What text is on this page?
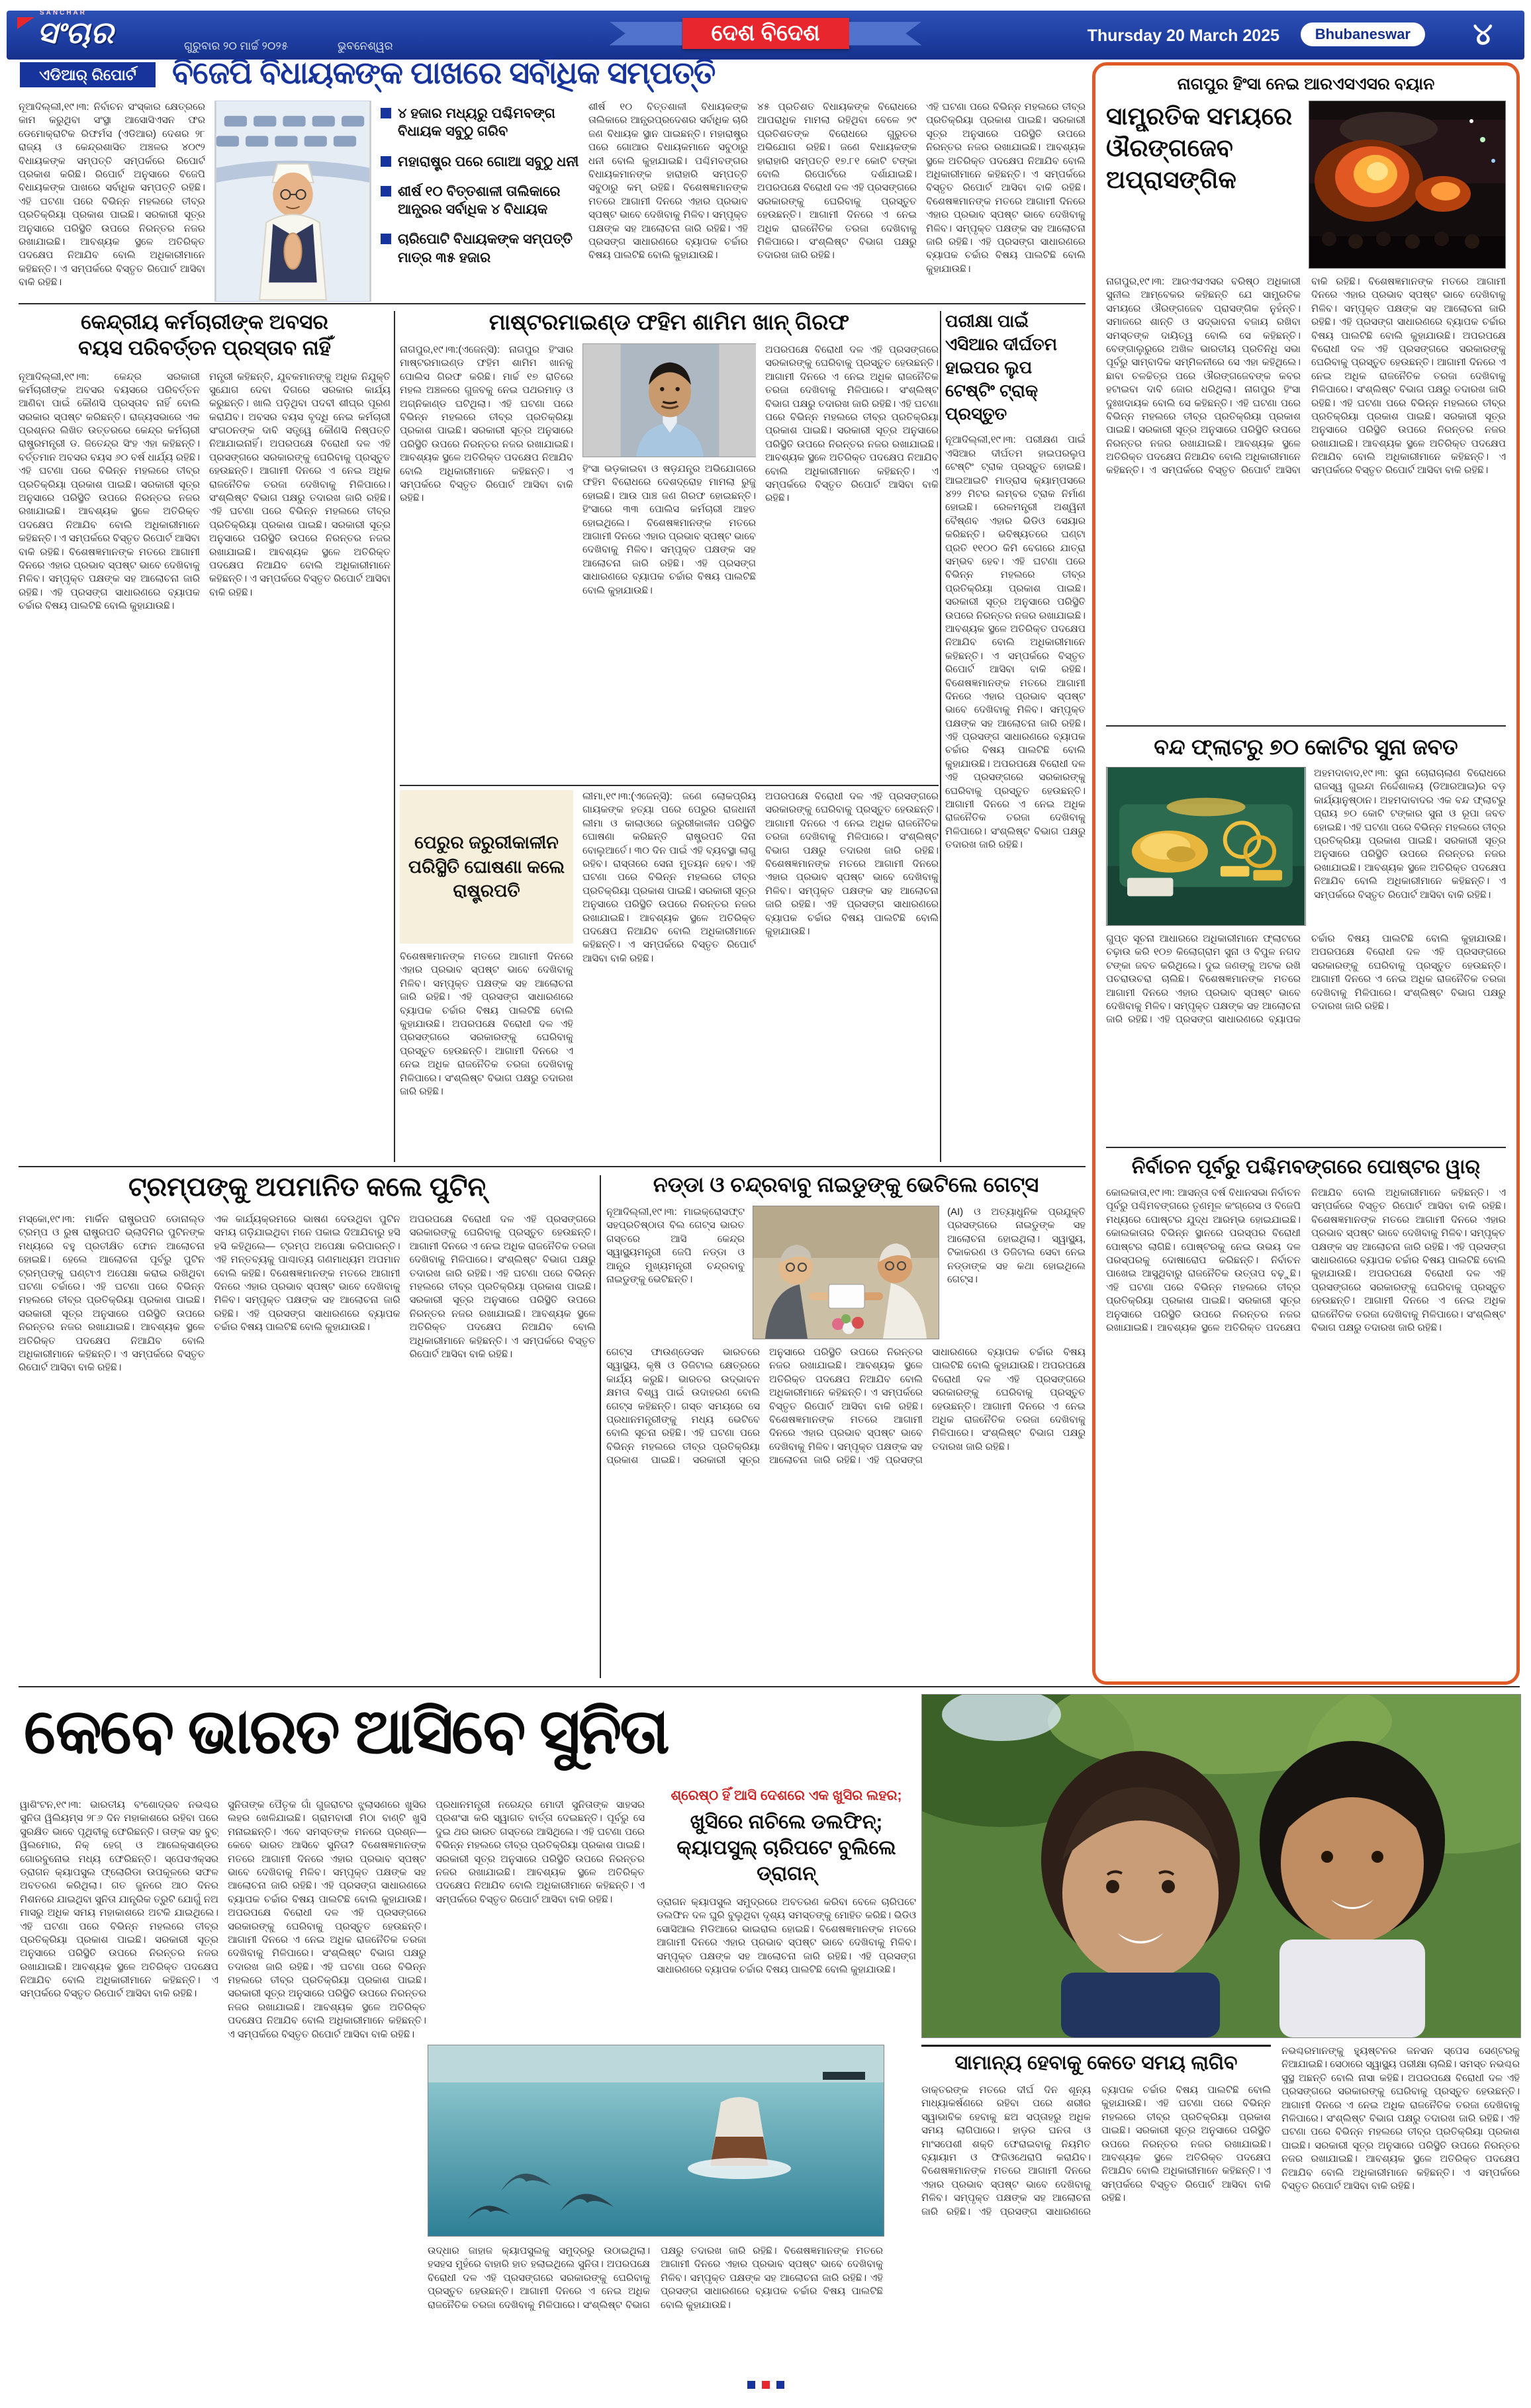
SANCHAR
ସଂଚାର	ଗୁରୁବାର ୨୦ ମାର୍ଚ୍ଚ ୨୦୨୫	ଭୁବନେଶ୍ୱର
ଦେଶ ବିଦେଶ	Thursday 20 March 2025	Bhubaneswar	୪
ଏଡିଆର୍ ରିପୋର୍ଟ	ବିଜେପି ବିଧାୟକଙ୍କ ପାଖରେ ସର୍ବାଧିକ ସମ୍ପତ୍ତି
ନୂଆଦିଲ୍ଲୀ,୧୯।୩: ନିର୍ବାଚନ ସଂସ୍କାର କ୍ଷେତ୍ରରେ କାମ କରୁଥିବା ସଂସ୍ଥା ଆସୋସିଏସନ ଫର ଡେମୋକ୍ରାଟିକ ରିଫର୍ମସ (ଏଡିଆର) ଦେଶର ୨୮ ରାଜ୍ୟ ଓ କେନ୍ଦ୍ରଶାସିତ ଅଞ୍ଚଳର ୪୦୯୨ ବିଧାୟକଙ୍କ ସମ୍ପତ୍ତି ସମ୍ପର୍କରେ ରିପୋର୍ଟ ପ୍ରକାଶ କରିଛି। ରିପୋର୍ଟ ଅନୁସାରେ ବିଜେପି ବିଧାୟକଙ୍କ ପାଖରେ ସର୍ବାଧିକ ସମ୍ପତ୍ତି ରହିଛି। ଏହି ଘଟଣା ପରେ ବିଭିନ୍ନ ମହଲରେ ତୀବ୍ର ପ୍ରତିକ୍ରିୟା ପ୍ରକାଶ ପାଇଛି। ସରକାରୀ ସୂତ୍ର ଅନୁସାରେ ପରିସ୍ଥିତି ଉପରେ ନିରନ୍ତର ନଜର ରଖାଯାଇଛି। ଆବଶ୍ୟକ ସ୍ଥଳେ ଅତିରିକ୍ତ ପଦକ୍ଷେପ ନିଆଯିବ ବୋଲି ଅଧିକାରୀମାନେ କହିଛନ୍ତି। ଏ ସମ୍ପର୍କରେ ବିସ୍ତୃତ ରିପୋର୍ଟ ଆସିବା ବାକି ରହିଛି।
୪ ହଜାର ମଧ୍ୟରୁ ପଶ୍ଚିମବଙ୍ଗ ବିଧାୟକ ସବୁଠୁ ଗରିବ
ମହାରାଷ୍ଟ୍ର ପରେ ଗୋଆ ସବୁଠୁ ଧନୀ
ଶୀର୍ଷ ୧୦ ବିତ୍ତଶାଳୀ ତାଲିକାରେ ଆନ୍ଧ୍ରର ସର୍ବାଧିକ ୪ ବିଧାୟକ
ଚାରିପୋଟି ବିଧାୟକଙ୍କ ସମ୍ପତ୍ତି ମାତ୍ର ୩୫ ହଜାର
ଶୀର୍ଷ ୧୦ ବିତ୍ତଶାଳୀ ବିଧାୟକଙ୍କ ତାଲିକାରେ ଆନ୍ଧ୍ରପ୍ରଦେଶର ସର୍ବାଧିକ ଚାରି ଜଣ ବିଧାୟକ ସ୍ଥାନ ପାଇଛନ୍ତି। ମହାରାଷ୍ଟ୍ର ପରେ ଗୋଆର ବିଧାୟକମାନେ ସବୁଠାରୁ ଧନୀ ବୋଲି କୁହାଯାଇଛି। ପଶ୍ଚିମବଙ୍ଗର ବିଧାୟକମାନଙ୍କ ହାରାହାରି ସମ୍ପତ୍ତି ସବୁଠାରୁ କମ୍ ରହିଛି। ବିଶେଷଜ୍ଞମାନଙ୍କ ମତରେ ଆଗାମୀ ଦିନରେ ଏହାର ପ୍ରଭାବ ସ୍ପଷ୍ଟ ଭାବେ ଦେଖିବାକୁ ମିଳିବ। ସମ୍ପୃକ୍ତ ପକ୍ଷଙ୍କ ସହ ଆଲୋଚନା ଜାରି ରହିଛି। ଏହି ପ୍ରସଙ୍ଗ ସାଧାରଣରେ ବ୍ୟାପକ ଚର୍ଚ୍ଚାର ବିଷୟ ପାଲଟିଛି ବୋଲି କୁହାଯାଉଛି।
୪୫ ପ୍ରତିଶତ ବିଧାୟକଙ୍କ ବିରୋଧରେ ଆପରାଧିକ ମାମଲା ରହିଥିବା ବେଳେ ୨୯ ପ୍ରତିଶତଙ୍କ ବିରୋଧରେ ଗୁରୁତର ଅଭିଯୋଗ ରହିଛି। ଜଣେ ବିଧାୟକଙ୍କ ହାରାହାରି ସମ୍ପତ୍ତି ୧୭.୮୧ କୋଟି ଟଙ୍କା ବୋଲି ରିପୋର୍ଟରେ ଦର୍ଶାଯାଇଛି। ଅପରପକ୍ଷେ ବିରୋଧୀ ଦଳ ଏହି ପ୍ରସଙ୍ଗରେ ସରକାରଙ୍କୁ ଘେରିବାକୁ ପ୍ରସ୍ତୁତ ହେଉଛନ୍ତି। ଆଗାମୀ ଦିନରେ ଏ ନେଇ ଅଧିକ ରାଜନୈତିକ ତରଜା ଦେଖିବାକୁ ମିଳିପାରେ। ସଂଶ୍ଲିଷ୍ଟ ବିଭାଗ ପକ୍ଷରୁ ତଦାରଖ ଜାରି ରହିଛି।
ଏହି ଘଟଣା ପରେ ବିଭିନ୍ନ ମହଲରେ ତୀବ୍ର ପ୍ରତିକ୍ରିୟା ପ୍ରକାଶ ପାଇଛି। ସରକାରୀ ସୂତ୍ର ଅନୁସାରେ ପରିସ୍ଥିତି ଉପରେ ନିରନ୍ତର ନଜର ରଖାଯାଇଛି। ଆବଶ୍ୟକ ସ୍ଥଳେ ଅତିରିକ୍ତ ପଦକ୍ଷେପ ନିଆଯିବ ବୋଲି ଅଧିକାରୀମାନେ କହିଛନ୍ତି। ଏ ସମ୍ପର୍କରେ ବିସ୍ତୃତ ରିପୋର୍ଟ ଆସିବା ବାକି ରହିଛି। ବିଶେଷଜ୍ଞମାନଙ୍କ ମତରେ ଆଗାମୀ ଦିନରେ ଏହାର ପ୍ରଭାବ ସ୍ପଷ୍ଟ ଭାବେ ଦେଖିବାକୁ ମିଳିବ। ସମ୍ପୃକ୍ତ ପକ୍ଷଙ୍କ ସହ ଆଲୋଚନା ଜାରି ରହିଛି। ଏହି ପ୍ରସଙ୍ଗ ସାଧାରଣରେ ବ୍ୟାପକ ଚର୍ଚ୍ଚାର ବିଷୟ ପାଲଟିଛି ବୋଲି କୁହାଯାଉଛି।
କେନ୍ଦ୍ରୀୟ କର୍ମଚାରୀଙ୍କ ଅବସର
ବୟସ ପରିବର୍ତ୍ତନ ପ୍ରସ୍ତାବ ନାହିଁ
ନୂଆଦିଲ୍ଲୀ,୧୯।୩: କେନ୍ଦ୍ର ସରକାରୀ କର୍ମଚାରୀଙ୍କ ଅବସର ବୟସରେ ପରିବର୍ତ୍ତନ ଆଣିବା ପାଇଁ କୌଣସି ପ୍ରସ୍ତାବ ନାହିଁ ବୋଲି ସରକାର ସ୍ପଷ୍ଟ କରିଛନ୍ତି। ରାଜ୍ୟସଭାରେ ଏକ ପ୍ରଶ୍ନର ଲିଖିତ ଉତ୍ତରରେ କେନ୍ଦ୍ର କର୍ମଚାରୀ ରାଷ୍ଟ୍ରମନ୍ତ୍ରୀ ଡ. ଜିତେନ୍ଦ୍ର ସିଂହ ଏହା କହିଛନ୍ତି। ବର୍ତ୍ତମାନ ଅବସର ବୟସ ୬୦ ବର୍ଷ ଧାର୍ଯ୍ୟ ରହିଛି। ଏହି ଘଟଣା ପରେ ବିଭିନ୍ନ ମହଲରେ ତୀବ୍ର ପ୍ରତିକ୍ରିୟା ପ୍ରକାଶ ପାଇଛି। ସରକାରୀ ସୂତ୍ର ଅନୁସାରେ ପରିସ୍ଥିତି ଉପରେ ନିରନ୍ତର ନଜର ରଖାଯାଇଛି। ଆବଶ୍ୟକ ସ୍ଥଳେ ଅତିରିକ୍ତ ପଦକ୍ଷେପ ନିଆଯିବ ବୋଲି ଅଧିକାରୀମାନେ କହିଛନ୍ତି। ଏ ସମ୍ପର୍କରେ ବିସ୍ତୃତ ରିପୋର୍ଟ ଆସିବା ବାକି ରହିଛି। ବିଶେଷଜ୍ଞମାନଙ୍କ ମତରେ ଆଗାମୀ ଦିନରେ ଏହାର ପ୍ରଭାବ ସ୍ପଷ୍ଟ ଭାବେ ଦେଖିବାକୁ ମିଳିବ। ସମ୍ପୃକ୍ତ ପକ୍ଷଙ୍କ ସହ ଆଲୋଚନା ଜାରି ରହିଛି। ଏହି ପ୍ରସଙ୍ଗ ସାଧାରଣରେ ବ୍ୟାପକ ଚର୍ଚ୍ଚାର ବିଷୟ ପାଲଟିଛି ବୋଲି କୁହାଯାଉଛି।
ମନ୍ତ୍ରୀ କହିଛନ୍ତି, ଯୁବକମାନଙ୍କୁ ଅଧିକ ନିଯୁକ୍ତି ସୁଯୋଗ ଦେବା ଦିଗରେ ସରକାର କାର୍ଯ୍ୟ କରୁଛନ୍ତି। ଖାଲି ପଡ଼ିଥିବା ପଦବୀ ଶୀଘ୍ର ପୂରଣ କରାଯିବ। ଅବସର ବୟସ ବୃଦ୍ଧି ନେଇ କର୍ମଚାରୀ ସଂଗଠନଙ୍କ ଦାବି ସତ୍ତ୍ୱେ କୌଣସି ନିଷ୍ପତ୍ତି ନିଆଯାଇନାହିଁ। ଅପରପକ୍ଷେ ବିରୋଧୀ ଦଳ ଏହି ପ୍ରସଙ୍ଗରେ ସରକାରଙ୍କୁ ଘେରିବାକୁ ପ୍ରସ୍ତୁତ ହେଉଛନ୍ତି। ଆଗାମୀ ଦିନରେ ଏ ନେଇ ଅଧିକ ରାଜନୈତିକ ତରଜା ଦେଖିବାକୁ ମିଳିପାରେ। ସଂଶ୍ଲିଷ୍ଟ ବିଭାଗ ପକ୍ଷରୁ ତଦାରଖ ଜାରି ରହିଛି। ଏହି ଘଟଣା ପରେ ବିଭିନ୍ନ ମହଲରେ ତୀବ୍ର ପ୍ରତିକ୍ରିୟା ପ୍ରକାଶ ପାଇଛି। ସରକାରୀ ସୂତ୍ର ଅନୁସାରେ ପରିସ୍ଥିତି ଉପରେ ନିରନ୍ତର ନଜର ରଖାଯାଇଛି। ଆବଶ୍ୟକ ସ୍ଥଳେ ଅତିରିକ୍ତ ପଦକ୍ଷେପ ନିଆଯିବ ବୋଲି ଅଧିକାରୀମାନେ କହିଛନ୍ତି। ଏ ସମ୍ପର୍କରେ ବିସ୍ତୃତ ରିପୋର୍ଟ ଆସିବା ବାକି ରହିଛି।
ମାଷ୍ଟରମାଇଣ୍ଡ ଫହିମ ଶାମିମ ଖାନ୍ ଗିରଫ
ନାଗପୁର,୧୯।୩:(ଏଜେନ୍ସି): ନାଗପୁର ହିଂସାର ମାଷ୍ଟରମାଇଣ୍ଡ ଫହିମ ଶାମିମ ଖାନକୁ ପୋଲିସ ଗିରଫ କରିଛି। ମାର୍ଚ୍ଚ ୧୭ ରାତିରେ ମହଲ ଅଞ୍ଚଳରେ ଗୁଜବକୁ ନେଇ ପଥରମାଡ଼ ଓ ଅଗ୍ନିକାଣ୍ଡ ଘଟିଥିଲା। ଏହି ଘଟଣା ପରେ ବିଭିନ୍ନ ମହଲରେ ତୀବ୍ର ପ୍ରତିକ୍ରିୟା ପ୍ରକାଶ ପାଇଛି। ସରକାରୀ ସୂତ୍ର ଅନୁସାରେ ପରିସ୍ଥିତି ଉପରେ ନିରନ୍ତର ନଜର ରଖାଯାଇଛି। ଆବଶ୍ୟକ ସ୍ଥଳେ ଅତିରିକ୍ତ ପଦକ୍ଷେପ ନିଆଯିବ ବୋଲି ଅଧିକାରୀମାନେ କହିଛନ୍ତି। ଏ ସମ୍ପର୍କରେ ବିସ୍ତୃତ ରିପୋର୍ଟ ଆସିବା ବାକି ରହିଛି।
ହିଂସା ଭଡ଼କାଇବା ଓ ଷଡ଼ଯନ୍ତ୍ର ଅଭିଯୋଗରେ ଫହିମ ବିରୋଧରେ ଦେଶଦ୍ରୋହ ମାମଲା ରୁଜୁ ହୋଇଛି। ଆଉ ପାଞ୍ଚ ଜଣ ଗିରଫ ହୋଇଛନ୍ତି। ହିଂସାରେ ୩୩ ପୋଲିସ କର୍ମଚାରୀ ଆହତ ହୋଇଥିଲେ। ବିଶେଷଜ୍ଞମାନଙ୍କ ମତରେ ଆଗାମୀ ଦିନରେ ଏହାର ପ୍ରଭାବ ସ୍ପଷ୍ଟ ଭାବେ ଦେଖିବାକୁ ମିଳିବ। ସମ୍ପୃକ୍ତ ପକ୍ଷଙ୍କ ସହ ଆଲୋଚନା ଜାରି ରହିଛି। ଏହି ପ୍ରସଙ୍ଗ ସାଧାରଣରେ ବ୍ୟାପକ ଚର୍ଚ୍ଚାର ବିଷୟ ପାଲଟିଛି ବୋଲି କୁହାଯାଉଛି।
ଅପରପକ୍ଷେ ବିରୋଧୀ ଦଳ ଏହି ପ୍ରସଙ୍ଗରେ ସରକାରଙ୍କୁ ଘେରିବାକୁ ପ୍ରସ୍ତୁତ ହେଉଛନ୍ତି। ଆଗାମୀ ଦିନରେ ଏ ନେଇ ଅଧିକ ରାଜନୈତିକ ତରଜା ଦେଖିବାକୁ ମିଳିପାରେ। ସଂଶ୍ଲିଷ୍ଟ ବିଭାଗ ପକ୍ଷରୁ ତଦାରଖ ଜାରି ରହିଛି। ଏହି ଘଟଣା ପରେ ବିଭିନ୍ନ ମହଲରେ ତୀବ୍ର ପ୍ରତିକ୍ରିୟା ପ୍ରକାଶ ପାଇଛି। ସରକାରୀ ସୂତ୍ର ଅନୁସାରେ ପରିସ୍ଥିତି ଉପରେ ନିରନ୍ତର ନଜର ରଖାଯାଇଛି। ଆବଶ୍ୟକ ସ୍ଥଳେ ଅତିରିକ୍ତ ପଦକ୍ଷେପ ନିଆଯିବ ବୋଲି ଅଧିକାରୀମାନେ କହିଛନ୍ତି। ଏ ସମ୍ପର୍କରେ ବିସ୍ତୃତ ରିପୋର୍ଟ ଆସିବା ବାକି ରହିଛି।
ପେରୁର ଜରୁରୀକାଳୀନ ପରିସ୍ଥିତି ଘୋଷଣା କଲେ ରାଷ୍ଟ୍ରପତି
ବିଶେଷଜ୍ଞମାନଙ୍କ ମତରେ ଆଗାମୀ ଦିନରେ ଏହାର ପ୍ରଭାବ ସ୍ପଷ୍ଟ ଭାବେ ଦେଖିବାକୁ ମିଳିବ। ସମ୍ପୃକ୍ତ ପକ୍ଷଙ୍କ ସହ ଆଲୋଚନା ଜାରି ରହିଛି। ଏହି ପ୍ରସଙ୍ଗ ସାଧାରଣରେ ବ୍ୟାପକ ଚର୍ଚ୍ଚାର ବିଷୟ ପାଲଟିଛି ବୋଲି କୁହାଯାଉଛି। ଅପରପକ୍ଷେ ବିରୋଧୀ ଦଳ ଏହି ପ୍ରସଙ୍ଗରେ ସରକାରଙ୍କୁ ଘେରିବାକୁ ପ୍ରସ୍ତୁତ ହେଉଛନ୍ତି। ଆଗାମୀ ଦିନରେ ଏ ନେଇ ଅଧିକ ରାଜନୈତିକ ତରଜା ଦେଖିବାକୁ ମିଳିପାରେ। ସଂଶ୍ଲିଷ୍ଟ ବିଭାଗ ପକ୍ଷରୁ ତଦାରଖ ଜାରି ରହିଛି।
ଲୀମା,୧୯।୩:(ଏଜେନ୍ସି): ଜଣେ ଲୋକପ୍ରିୟ ଗାୟକଙ୍କ ହତ୍ୟା ପରେ ପେରୁର ରାଜଧାନୀ ଲୀମା ଓ କାଲାଓରେ ଜରୁରୀକାଳୀନ ପରିସ୍ଥିତି ଘୋଷଣା କରିଛନ୍ତି ରାଷ୍ଟ୍ରପତି ଦିନା ବୋଲୁଆର୍ତେ। ୩୦ ଦିନ ପାଇଁ ଏହି ବ୍ୟବସ୍ଥା ଲାଗୁ ରହିବ। ରାସ୍ତାରେ ସେନା ମୁତୟନ ହେବ। ଏହି ଘଟଣା ପରେ ବିଭିନ୍ନ ମହଲରେ ତୀବ୍ର ପ୍ରତିକ୍ରିୟା ପ୍ରକାଶ ପାଇଛି। ସରକାରୀ ସୂତ୍ର ଅନୁସାରେ ପରିସ୍ଥିତି ଉପରେ ନିରନ୍ତର ନଜର ରଖାଯାଇଛି। ଆବଶ୍ୟକ ସ୍ଥଳେ ଅତିରିକ୍ତ ପଦକ୍ଷେପ ନିଆଯିବ ବୋଲି ଅଧିକାରୀମାନେ କହିଛନ୍ତି। ଏ ସମ୍ପର୍କରେ ବିସ୍ତୃତ ରିପୋର୍ଟ ଆସିବା ବାକି ରହିଛି।
ଅପରପକ୍ଷେ ବିରୋଧୀ ଦଳ ଏହି ପ୍ରସଙ୍ଗରେ ସରକାରଙ୍କୁ ଘେରିବାକୁ ପ୍ରସ୍ତୁତ ହେଉଛନ୍ତି। ଆଗାମୀ ଦିନରେ ଏ ନେଇ ଅଧିକ ରାଜନୈତିକ ତରଜା ଦେଖିବାକୁ ମିଳିପାରେ। ସଂଶ୍ଲିଷ୍ଟ ବିଭାଗ ପକ୍ଷରୁ ତଦାରଖ ଜାରି ରହିଛି। ବିଶେଷଜ୍ଞମାନଙ୍କ ମତରେ ଆଗାମୀ ଦିନରେ ଏହାର ପ୍ରଭାବ ସ୍ପଷ୍ଟ ଭାବେ ଦେଖିବାକୁ ମିଳିବ। ସମ୍ପୃକ୍ତ ପକ୍ଷଙ୍କ ସହ ଆଲୋଚନା ଜାରି ରହିଛି। ଏହି ପ୍ରସଙ୍ଗ ସାଧାରଣରେ ବ୍ୟାପକ ଚର୍ଚ୍ଚାର ବିଷୟ ପାଲଟିଛି ବୋଲି କୁହାଯାଉଛି।
ପରୀକ୍ଷା ପାଇଁ ଏସିଆର ଦୀର୍ଘତମ ହାଇପର ଲୁପ ଟେଷ୍ଟିଂ ଟ୍ରାକ୍ ପ୍ରସ୍ତୁତ
ନୂଆଦିଲ୍ଲୀ,୧୯।୩: ପରୀକ୍ଷଣ ପାଇଁ ଏସିଆର ଦୀର୍ଘତମ ହାଇପରଲୁପ ଟେଷ୍ଟିଂ ଟ୍ରାକ ପ୍ରସ୍ତୁତ ହୋଇଛି। ଆଇଆଇଟି ମାଡ୍ରାସ କ୍ୟାମ୍ପସରେ ୪୨୨ ମିଟର ଲମ୍ବର ଟ୍ରାକ ନିର୍ମାଣ ହୋଇଛି। ରେଳମନ୍ତ୍ରୀ ଅଶ୍ୱିନୀ ବୈଷ୍ଣବ ଏହାର ଭିଡିଓ ସେୟାର କରିଛନ୍ତି। ଭବିଷ୍ୟତରେ ଘଣ୍ଟା ପ୍ରତି ୧୧୦୦ କିମି ବେଗରେ ଯାତ୍ରା ସମ୍ଭବ ହେବ। ଏହି ଘଟଣା ପରେ ବିଭିନ୍ନ ମହଲରେ ତୀବ୍ର ପ୍ରତିକ୍ରିୟା ପ୍ରକାଶ ପାଇଛି। ସରକାରୀ ସୂତ୍ର ଅନୁସାରେ ପରିସ୍ଥିତି ଉପରେ ନିରନ୍ତର ନଜର ରଖାଯାଇଛି। ଆବଶ୍ୟକ ସ୍ଥଳେ ଅତିରିକ୍ତ ପଦକ୍ଷେପ ନିଆଯିବ ବୋଲି ଅଧିକାରୀମାନେ କହିଛନ୍ତି। ଏ ସମ୍ପର୍କରେ ବିସ୍ତୃତ ରିପୋର୍ଟ ଆସିବା ବାକି ରହିଛି। ବିଶେଷଜ୍ଞମାନଙ୍କ ମତରେ ଆଗାମୀ ଦିନରେ ଏହାର ପ୍ରଭାବ ସ୍ପଷ୍ଟ ଭାବେ ଦେଖିବାକୁ ମିଳିବ। ସମ୍ପୃକ୍ତ ପକ୍ଷଙ୍କ ସହ ଆଲୋଚନା ଜାରି ରହିଛି। ଏହି ପ୍ରସଙ୍ଗ ସାଧାରଣରେ ବ୍ୟାପକ ଚର୍ଚ୍ଚାର ବିଷୟ ପାଲଟିଛି ବୋଲି କୁହାଯାଉଛି। ଅପରପକ୍ଷେ ବିରୋଧୀ ଦଳ ଏହି ପ୍ରସଙ୍ଗରେ ସରକାରଙ୍କୁ ଘେରିବାକୁ ପ୍ରସ୍ତୁତ ହେଉଛନ୍ତି। ଆଗାମୀ ଦିନରେ ଏ ନେଇ ଅଧିକ ରାଜନୈତିକ ତରଜା ଦେଖିବାକୁ ମିଳିପାରେ। ସଂଶ୍ଲିଷ୍ଟ ବିଭାଗ ପକ୍ଷରୁ ତଦାରଖ ଜାରି ରହିଛି।
ନାଗପୁର ହିଂସା ନେଇ ଆରଏସଏସର ବୟାନ
ସାମ୍ପ୍ରତିକ ସମୟରେ ଔରଙ୍ଗଜେବ ଅପ୍ରାସଙ୍ଗିକ
ନାଗପୁର,୧୯।୩: ଆରଏସଏସର ବରିଷ୍ଠ ଅଧିକାରୀ ସୁନୀଲ ଆମ୍ବେକର କହିଛନ୍ତି ଯେ ସାମ୍ପ୍ରତିକ ସମୟରେ ଔରଙ୍ଗଜେବ ପ୍ରାସଙ୍ଗିକ ନୁହଁନ୍ତି। ସମାଜରେ ଶାନ୍ତି ଓ ସଦ୍ଭାବନା ବଜାୟ ରଖିବା ସମସ୍ତଙ୍କ ଦାୟିତ୍ୱ ବୋଲି ସେ କହିଛନ୍ତି। ବେଙ୍ଗାଲୁରୁରେ ଅଖିଳ ଭାରତୀୟ ପ୍ରତିନିଧି ସଭା ପୂର୍ବରୁ ସାମ୍ବାଦିକ ସମ୍ମିଳନୀରେ ସେ ଏହା କହିଥିଲେ। ଛାବା ଚଳଚ୍ଚିତ୍ର ପରେ ଔରଙ୍ଗଜେବଙ୍କ କବର ହଟାଇବା ଦାବି ଜୋର ଧରିଥିଲା। ନାଗପୁର ହିଂସା ଦୁଃଖଦାୟକ ବୋଲି ସେ କହିଛନ୍ତି। ଏହି ଘଟଣା ପରେ ବିଭିନ୍ନ ମହଲରେ ତୀବ୍ର ପ୍ରତିକ୍ରିୟା ପ୍ରକାଶ ପାଇଛି। ସରକାରୀ ସୂତ୍ର ଅନୁସାରେ ପରିସ୍ଥିତି ଉପରେ ନିରନ୍ତର ନଜର ରଖାଯାଇଛି। ଆବଶ୍ୟକ ସ୍ଥଳେ ଅତିରିକ୍ତ ପଦକ୍ଷେପ ନିଆଯିବ ବୋଲି ଅଧିକାରୀମାନେ କହିଛନ୍ତି। ଏ ସମ୍ପର୍କରେ ବିସ୍ତୃତ ରିପୋର୍ଟ ଆସିବା ବାକି ରହିଛି। ବିଶେଷଜ୍ଞମାନଙ୍କ ମତରେ ଆଗାମୀ ଦିନରେ ଏହାର ପ୍ରଭାବ ସ୍ପଷ୍ଟ ଭାବେ ଦେଖିବାକୁ ମିଳିବ। ସମ୍ପୃକ୍ତ ପକ୍ଷଙ୍କ ସହ ଆଲୋଚନା ଜାରି ରହିଛି। ଏହି ପ୍ରସଙ୍ଗ ସାଧାରଣରେ ବ୍ୟାପକ ଚର୍ଚ୍ଚାର ବିଷୟ ପାଲଟିଛି ବୋଲି କୁହାଯାଉଛି। ଅପରପକ୍ଷେ ବିରୋଧୀ ଦଳ ଏହି ପ୍ରସଙ୍ଗରେ ସରକାରଙ୍କୁ ଘେରିବାକୁ ପ୍ରସ୍ତୁତ ହେଉଛନ୍ତି। ଆଗାମୀ ଦିନରେ ଏ ନେଇ ଅଧିକ ରାଜନୈତିକ ତରଜା ଦେଖିବାକୁ ମିଳିପାରେ। ସଂଶ୍ଲିଷ୍ଟ ବିଭାଗ ପକ୍ଷରୁ ତଦାରଖ ଜାରି ରହିଛି। ଏହି ଘଟଣା ପରେ ବିଭିନ୍ନ ମହଲରେ ତୀବ୍ର ପ୍ରତିକ୍ରିୟା ପ୍ରକାଶ ପାଇଛି। ସରକାରୀ ସୂତ୍ର ଅନୁସାରେ ପରିସ୍ଥିତି ଉପରେ ନିରନ୍ତର ନଜର ରଖାଯାଇଛି। ଆବଶ୍ୟକ ସ୍ଥଳେ ଅତିରିକ୍ତ ପଦକ୍ଷେପ ନିଆଯିବ ବୋଲି ଅଧିକାରୀମାନେ କହିଛନ୍ତି। ଏ ସମ୍ପର୍କରେ ବିସ୍ତୃତ ରିପୋର୍ଟ ଆସିବା ବାକି ରହିଛି।
ବନ୍ଦ ଫ୍ଲାଟରୁ ୭୦ କୋଟିର ସୁନା ଜବତ
ଅହମଦାବାଦ,୧୯।୩: ସୁନା ଚୋରାଚାଲାଣ ବିରୋଧରେ ରାଜସ୍ୱ ଗୁଇନ୍ଦା ନିର୍ଦ୍ଦେଶାଳୟ (ଡିଆରଆଇ)ର ବଡ଼ କାର୍ଯ୍ୟାନୁଷ୍ଠାନ। ଅହମଦାବାଦର ଏକ ବନ୍ଦ ଫ୍ଲାଟରୁ ପ୍ରାୟ ୭୦ କୋଟି ଟଙ୍କାର ସୁନା ଓ ରୂପା ଜବତ ହୋଇଛି। ଏହି ଘଟଣା ପରେ ବିଭିନ୍ନ ମହଲରେ ତୀବ୍ର ପ୍ରତିକ୍ରିୟା ପ୍ରକାଶ ପାଇଛି। ସରକାରୀ ସୂତ୍ର ଅନୁସାରେ ପରିସ୍ଥିତି ଉପରେ ନିରନ୍ତର ନଜର ରଖାଯାଇଛି। ଆବଶ୍ୟକ ସ୍ଥଳେ ଅତିରିକ୍ତ ପଦକ୍ଷେପ ନିଆଯିବ ବୋଲି ଅଧିକାରୀମାନେ କହିଛନ୍ତି। ଏ ସମ୍ପର୍କରେ ବିସ୍ତୃତ ରିପୋର୍ଟ ଆସିବା ବାକି ରହିଛି।
ଗୁପ୍ତ ସୂଚନା ଆଧାରରେ ଅଧିକାରୀମାନେ ଫ୍ଲାଟରେ ଚଢ଼ାଉ କରି ୧୦୭ କିଲୋଗ୍ରାମ ସୁନା ଓ ବିପୁଳ ନଗଦ ଟଙ୍କା ଜବତ କରିଥିଲେ। ଦୁଇ ଜଣଙ୍କୁ ଅଟକ ରଖି ପଚରାଉଚରା ଚାଲିଛି। ବିଶେଷଜ୍ଞମାନଙ୍କ ମତରେ ଆଗାମୀ ଦିନରେ ଏହାର ପ୍ରଭାବ ସ୍ପଷ୍ଟ ଭାବେ ଦେଖିବାକୁ ମିଳିବ। ସମ୍ପୃକ୍ତ ପକ୍ଷଙ୍କ ସହ ଆଲୋଚନା ଜାରି ରହିଛି। ଏହି ପ୍ରସଙ୍ଗ ସାଧାରଣରେ ବ୍ୟାପକ ଚର୍ଚ୍ଚାର ବିଷୟ ପାଲଟିଛି ବୋଲି କୁହାଯାଉଛି। ଅପରପକ୍ଷେ ବିରୋଧୀ ଦଳ ଏହି ପ୍ରସଙ୍ଗରେ ସରକାରଙ୍କୁ ଘେରିବାକୁ ପ୍ରସ୍ତୁତ ହେଉଛନ୍ତି। ଆଗାମୀ ଦିନରେ ଏ ନେଇ ଅଧିକ ରାଜନୈତିକ ତରଜା ଦେଖିବାକୁ ମିଳିପାରେ। ସଂଶ୍ଲିଷ୍ଟ ବିଭାଗ ପକ୍ଷରୁ ତଦାରଖ ଜାରି ରହିଛି।
ନିର୍ବାଚନ ପୂର୍ବରୁ ପଶ୍ଚିମବଙ୍ଗରେ ପୋଷ୍ଟର ୱାର୍
କୋଲକାତା,୧୯।୩: ଆସନ୍ତା ବର୍ଷ ବିଧାନସଭା ନିର୍ବାଚନ ପୂର୍ବରୁ ପଶ୍ଚିମବଙ୍ଗରେ ତୃଣମୂଳ କଂଗ୍ରେସ ଓ ବିଜେପି ମଧ୍ୟରେ ପୋଷ୍ଟର ଯୁଦ୍ଧ ଆରମ୍ଭ ହୋଇଯାଇଛି। କୋଲକାତାର ବିଭିନ୍ନ ସ୍ଥାନରେ ପରସ୍ପର ବିରୋଧୀ ପୋଷ୍ଟର ଲାଗିଛି। ପୋଷ୍ଟରକୁ ନେଇ ଉଭୟ ଦଳ ପରସ୍ପରକୁ ଦୋଷାରୋପ କରିଛନ୍ତି। ନିର୍ବାଚନ ପାଖେଇ ଆସୁଥିବାରୁ ରାଜନୈତିକ ଉତ୍ତାପ ବଢ଼ୁଛି। ଏହି ଘଟଣା ପରେ ବିଭିନ୍ନ ମହଲରେ ତୀବ୍ର ପ୍ରତିକ୍ରିୟା ପ୍ରକାଶ ପାଇଛି। ସରକାରୀ ସୂତ୍ର ଅନୁସାରେ ପରିସ୍ଥିତି ଉପରେ ନିରନ୍ତର ନଜର ରଖାଯାଇଛି। ଆବଶ୍ୟକ ସ୍ଥଳେ ଅତିରିକ୍ତ ପଦକ୍ଷେପ ନିଆଯିବ ବୋଲି ଅଧିକାରୀମାନେ କହିଛନ୍ତି। ଏ ସମ୍ପର୍କରେ ବିସ୍ତୃତ ରିପୋର୍ଟ ଆସିବା ବାକି ରହିଛି। ବିଶେଷଜ୍ଞମାନଙ୍କ ମତରେ ଆଗାମୀ ଦିନରେ ଏହାର ପ୍ରଭାବ ସ୍ପଷ୍ଟ ଭାବେ ଦେଖିବାକୁ ମିଳିବ। ସମ୍ପୃକ୍ତ ପକ୍ଷଙ୍କ ସହ ଆଲୋଚନା ଜାରି ରହିଛି। ଏହି ପ୍ରସଙ୍ଗ ସାଧାରଣରେ ବ୍ୟାପକ ଚର୍ଚ୍ଚାର ବିଷୟ ପାଲଟିଛି ବୋଲି କୁହାଯାଉଛି। ଅପରପକ୍ଷେ ବିରୋଧୀ ଦଳ ଏହି ପ୍ରସଙ୍ଗରେ ସରକାରଙ୍କୁ ଘେରିବାକୁ ପ୍ରସ୍ତୁତ ହେଉଛନ୍ତି। ଆଗାମୀ ଦିନରେ ଏ ନେଇ ଅଧିକ ରାଜନୈତିକ ତରଜା ଦେଖିବାକୁ ମିଳିପାରେ। ସଂଶ୍ଲିଷ୍ଟ ବିଭାଗ ପକ୍ଷରୁ ତଦାରଖ ଜାରି ରହିଛି।
ଟ୍ରମ୍ପଙ୍କୁ ଅପମାନିତ କଲେ ପୁଟିନ୍
ମସ୍କୋ,୧୯।୩: ମାର୍କିନ ରାଷ୍ଟ୍ରପତି ଡୋନାଲ୍ଡ ଟ୍ରମ୍ପ ଓ ରୁଷ ରାଷ୍ଟ୍ରପତି ଭ୍ଲାଦିମିର ପୁଟିନଙ୍କ ମଧ୍ୟରେ ବହୁ ପ୍ରତୀକ୍ଷିତ ଫୋନ ଆଲୋଚନା ହୋଇଛି। ହେଲେ ଆଲୋଚନା ପୂର୍ବରୁ ପୁଟିନ ଟ୍ରମ୍ପଙ୍କୁ ଘଣ୍ଟାଏ ଅପେକ୍ଷା କରାଇ ରଖିଥିବା ଘଟଣା ଚର୍ଚ୍ଚାରେ। ଏହି ଘଟଣା ପରେ ବିଭିନ୍ନ ମହଲରେ ତୀବ୍ର ପ୍ରତିକ୍ରିୟା ପ୍ରକାଶ ପାଇଛି। ସରକାରୀ ସୂତ୍ର ଅନୁସାରେ ପରିସ୍ଥିତି ଉପରେ ନିରନ୍ତର ନଜର ରଖାଯାଇଛି। ଆବଶ୍ୟକ ସ୍ଥଳେ ଅତିରିକ୍ତ ପଦକ୍ଷେପ ନିଆଯିବ ବୋଲି ଅଧିକାରୀମାନେ କହିଛନ୍ତି। ଏ ସମ୍ପର୍କରେ ବିସ୍ତୃତ ରିପୋର୍ଟ ଆସିବା ବାକି ରହିଛି।
ଏକ କାର୍ଯ୍ୟକ୍ରମରେ ଭାଷଣ ଦେଉଥିବା ପୁଟିନ ସମୟ ଗଡ଼ିଯାଇଥିବା ମନେ ପକାଇ ଦିଆଯିବାରୁ ହସି ହସି କହିଥିଲେ— ଟ୍ରମ୍ପ ଅପେକ୍ଷା କରିପାରନ୍ତି। ଏହି ମନ୍ତବ୍ୟକୁ ପାଶ୍ଚାତ୍ୟ ଗଣମାଧ୍ୟମ ଅପମାନ ବୋଲି କହିଛି। ବିଶେଷଜ୍ଞମାନଙ୍କ ମତରେ ଆଗାମୀ ଦିନରେ ଏହାର ପ୍ରଭାବ ସ୍ପଷ୍ଟ ଭାବେ ଦେଖିବାକୁ ମିଳିବ। ସମ୍ପୃକ୍ତ ପକ୍ଷଙ୍କ ସହ ଆଲୋଚନା ଜାରି ରହିଛି। ଏହି ପ୍ରସଙ୍ଗ ସାଧାରଣରେ ବ୍ୟାପକ ଚର୍ଚ୍ଚାର ବିଷୟ ପାଲଟିଛି ବୋଲି କୁହାଯାଉଛି।
ଅପରପକ୍ଷେ ବିରୋଧୀ ଦଳ ଏହି ପ୍ରସଙ୍ଗରେ ସରକାରଙ୍କୁ ଘେରିବାକୁ ପ୍ରସ୍ତୁତ ହେଉଛନ୍ତି। ଆଗାମୀ ଦିନରେ ଏ ନେଇ ଅଧିକ ରାଜନୈତିକ ତରଜା ଦେଖିବାକୁ ମିଳିପାରେ। ସଂଶ୍ଲିଷ୍ଟ ବିଭାଗ ପକ୍ଷରୁ ତଦାରଖ ଜାରି ରହିଛି। ଏହି ଘଟଣା ପରେ ବିଭିନ୍ନ ମହଲରେ ତୀବ୍ର ପ୍ରତିକ୍ରିୟା ପ୍ରକାଶ ପାଇଛି। ସରକାରୀ ସୂତ୍ର ଅନୁସାରେ ପରିସ୍ଥିତି ଉପରେ ନିରନ୍ତର ନଜର ରଖାଯାଇଛି। ଆବଶ୍ୟକ ସ୍ଥଳେ ଅତିରିକ୍ତ ପଦକ୍ଷେପ ନିଆଯିବ ବୋଲି ଅଧିକାରୀମାନେ କହିଛନ୍ତି। ଏ ସମ୍ପର୍କରେ ବିସ୍ତୃତ ରିପୋର୍ଟ ଆସିବା ବାକି ରହିଛି।
ନଡ୍ଡା ଓ ଚନ୍ଦ୍ରବାବୁ ନାଇଡୁଙ୍କୁ ଭେଟିଲେ ଗେଟ୍ସ
ନୂଆଦିଲ୍ଲୀ,୧୯।୩: ମାଇକ୍ରୋସଫ୍ଟ ସହପ୍ରତିଷ୍ଠାତା ବିଲ ଗେଟ୍ସ ଭାରତ ଗସ୍ତରେ ଆସି କେନ୍ଦ୍ର ସ୍ୱାସ୍ଥ୍ୟମନ୍ତ୍ରୀ ଜେପି ନଡ୍ଡା ଓ ଆନ୍ଧ୍ର ମୁଖ୍ୟମନ୍ତ୍ରୀ ଚନ୍ଦ୍ରବାବୁ ନାଇଡୁଙ୍କୁ ଭେଟିଛନ୍ତି।
(AI) ଓ ଅତ୍ୟାଧୁନିକ ପ୍ରଯୁକ୍ତି ପ୍ରସଙ୍ଗରେ ନାଇଡୁଙ୍କ ସହ ଆଲୋଚନା ହୋଇଥିଲା। ସ୍ୱାସ୍ଥ୍ୟ, ଟିକାକରଣ ଓ ଡିଜିଟାଲ ସେବା ନେଇ ନଡ୍ଡାଙ୍କ ସହ କଥା ହୋଇଥିଲେ ଗେଟ୍ସ।
ଗେଟ୍ସ ଫାଉଣ୍ଡେସନ ଭାରତରେ ସ୍ୱାସ୍ଥ୍ୟ, କୃଷି ଓ ଡିଜିଟାଲ କ୍ଷେତ୍ରରେ କାର୍ଯ୍ୟ କରୁଛି। ଭାରତର ଉଦ୍ଭାବନ କ୍ଷମତା ବିଶ୍ୱ ପାଇଁ ଉଦାହରଣ ବୋଲି ଗେଟ୍ସ କହିଛନ୍ତି। ଗସ୍ତ ସମୟରେ ସେ ପ୍ରଧାନମନ୍ତ୍ରୀଙ୍କୁ ମଧ୍ୟ ଭେଟିବେ ବୋଲି ସୂଚନା ରହିଛି। ଏହି ଘଟଣା ପରେ ବିଭିନ୍ନ ମହଲରେ ତୀବ୍ର ପ୍ରତିକ୍ରିୟା ପ୍ରକାଶ ପାଇଛି। ସରକାରୀ ସୂତ୍ର ଅନୁସାରେ ପରିସ୍ଥିତି ଉପରେ ନିରନ୍ତର ନଜର ରଖାଯାଇଛି। ଆବଶ୍ୟକ ସ୍ଥଳେ ଅତିରିକ୍ତ ପଦକ୍ଷେପ ନିଆଯିବ ବୋଲି ଅଧିକାରୀମାନେ କହିଛନ୍ତି। ଏ ସମ୍ପର୍କରେ ବିସ୍ତୃତ ରିପୋର୍ଟ ଆସିବା ବାକି ରହିଛି। ବିଶେଷଜ୍ଞମାନଙ୍କ ମତରେ ଆଗାମୀ ଦିନରେ ଏହାର ପ୍ରଭାବ ସ୍ପଷ୍ଟ ଭାବେ ଦେଖିବାକୁ ମିଳିବ। ସମ୍ପୃକ୍ତ ପକ୍ଷଙ୍କ ସହ ଆଲୋଚନା ଜାରି ରହିଛି। ଏହି ପ୍ରସଙ୍ଗ ସାଧାରଣରେ ବ୍ୟାପକ ଚର୍ଚ୍ଚାର ବିଷୟ ପାଲଟିଛି ବୋଲି କୁହାଯାଉଛି। ଅପରପକ୍ଷେ ବିରୋଧୀ ଦଳ ଏହି ପ୍ରସଙ୍ଗରେ ସରକାରଙ୍କୁ ଘେରିବାକୁ ପ୍ରସ୍ତୁତ ହେଉଛନ୍ତି। ଆଗାମୀ ଦିନରେ ଏ ନେଇ ଅଧିକ ରାଜନୈତିକ ତରଜା ଦେଖିବାକୁ ମିଳିପାରେ। ସଂଶ୍ଲିଷ୍ଟ ବିଭାଗ ପକ୍ଷରୁ ତଦାରଖ ଜାରି ରହିଛି।
କେବେ ଭାରତ ଆସିବେ ସୁନିତା
ଶ୍ରେଷ୍ଠ ହିଁ ଆସି ଦେଶରେ ଏକ ଖୁସିର ଲହର;
ଖୁସିରେ ନାଚିଲେ ଡଲଫିନ୍;
କ୍ୟାପସୁଲ୍ ଚାରିପଟେ ବୁଲିଲେ ଡ୍ରାଗନ୍
ଡ୍ରାଗନ କ୍ୟାପସୁଲ ସମୁଦ୍ରରେ ଅବତରଣ କରିବା ବେଳେ ଚାରିପଟେ ଡଲଫିନ ଦଳ ଘୁରି ବୁଲୁଥିବା ଦୃଶ୍ୟ ସମସ୍ତଙ୍କୁ ମୋହିତ କରିଛି। ଭିଡିଓ ସୋସିଆଲ ମିଡିଆରେ ଭାଇରାଲ ହୋଇଛି। ବିଶେଷଜ୍ଞମାନଙ୍କ ମତରେ ଆଗାମୀ ଦିନରେ ଏହାର ପ୍ରଭାବ ସ୍ପଷ୍ଟ ଭାବେ ଦେଖିବାକୁ ମିଳିବ। ସମ୍ପୃକ୍ତ ପକ୍ଷଙ୍କ ସହ ଆଲୋଚନା ଜାରି ରହିଛି। ଏହି ପ୍ରସଙ୍ଗ ସାଧାରଣରେ ବ୍ୟାପକ ଚର୍ଚ୍ଚାର ବିଷୟ ପାଲଟିଛି ବୋଲି କୁହାଯାଉଛି।
ୱାଶିଂଟନ,୧୯।୩: ଭାରତୀୟ ବଂଶୋଦ୍ଭବ ନଭଶ୍ଚର ସୁନିତା ୱିଲିୟମ୍ସ ୨୮୬ ଦିନ ମହାକାଶରେ ରହିବା ପରେ ସୁରକ୍ଷିତ ଭାବେ ପୃଥିବୀକୁ ଫେରିଛନ୍ତି। ତାଙ୍କ ସହ ବୁଚ୍ ୱିଲମୋର, ନିକ୍ ହେଗ୍ ଓ ଆଲେକ୍ସାଣ୍ଡର ଗୋରବୁନୋଭ ମଧ୍ୟ ଫେରିଛନ୍ତି। ସ୍ପେସଏକ୍ସର ଡ୍ରାଗନ କ୍ୟାପସୁଲ ଫ୍ଲୋରିଡା ଉପକୂଳରେ ସଫଳ ଅବତରଣ କରିଥିଲା। ଗତ ଜୁନରେ ଆଠ ଦିନର ମିଶନରେ ଯାଇଥିବା ସୁନିତା ଯାନ୍ତ୍ରିକ ତ୍ରୁଟି ଯୋଗୁଁ ନଅ ମାସରୁ ଅଧିକ ସମୟ ମହାକାଶରେ ଅଟକି ଯାଇଥିଲେ। ଏହି ଘଟଣା ପରେ ବିଭିନ୍ନ ମହଲରେ ତୀବ୍ର ପ୍ରତିକ୍ରିୟା ପ୍ରକାଶ ପାଇଛି। ସରକାରୀ ସୂତ୍ର ଅନୁସାରେ ପରିସ୍ଥିତି ଉପରେ ନିରନ୍ତର ନଜର ରଖାଯାଇଛି। ଆବଶ୍ୟକ ସ୍ଥଳେ ଅତିରିକ୍ତ ପଦକ୍ଷେପ ନିଆଯିବ ବୋଲି ଅଧିକାରୀମାନେ କହିଛନ୍ତି। ଏ ସମ୍ପର୍କରେ ବିସ୍ତୃତ ରିପୋର୍ଟ ଆସିବା ବାକି ରହିଛି।
ସୁନିତାଙ୍କ ପୈତୃକ ଗାଁ ଗୁଜରାଟର ଝୁଲାସଣରେ ଖୁସିର ଲହର ଖେଳିଯାଇଛି। ଗ୍ରାମବାସୀ ମିଠା ବାଣ୍ଟି ଖୁସି ମନାଇଛନ୍ତି। ଏବେ ସମସ୍ତଙ୍କ ମନରେ ପ୍ରଶ୍ନ— କେବେ ଭାରତ ଆସିବେ ସୁନିତା? ବିଶେଷଜ୍ଞମାନଙ୍କ ମତରେ ଆଗାମୀ ଦିନରେ ଏହାର ପ୍ରଭାବ ସ୍ପଷ୍ଟ ଭାବେ ଦେଖିବାକୁ ମିଳିବ। ସମ୍ପୃକ୍ତ ପକ୍ଷଙ୍କ ସହ ଆଲୋଚନା ଜାରି ରହିଛି। ଏହି ପ୍ରସଙ୍ଗ ସାଧାରଣରେ ବ୍ୟାପକ ଚର୍ଚ୍ଚାର ବିଷୟ ପାଲଟିଛି ବୋଲି କୁହାଯାଉଛି। ଅପରପକ୍ଷେ ବିରୋଧୀ ଦଳ ଏହି ପ୍ରସଙ୍ଗରେ ସରକାରଙ୍କୁ ଘେରିବାକୁ ପ୍ରସ୍ତୁତ ହେଉଛନ୍ତି। ଆଗାମୀ ଦିନରେ ଏ ନେଇ ଅଧିକ ରାଜନୈତିକ ତରଜା ଦେଖିବାକୁ ମିଳିପାରେ। ସଂଶ୍ଲିଷ୍ଟ ବିଭାଗ ପକ୍ଷରୁ ତଦାରଖ ଜାରି ରହିଛି। ଏହି ଘଟଣା ପରେ ବିଭିନ୍ନ ମହଲରେ ତୀବ୍ର ପ୍ରତିକ୍ରିୟା ପ୍ରକାଶ ପାଇଛି। ସରକାରୀ ସୂତ୍ର ଅନୁସାରେ ପରିସ୍ଥିତି ଉପରେ ନିରନ୍ତର ନଜର ରଖାଯାଇଛି। ଆବଶ୍ୟକ ସ୍ଥଳେ ଅତିରିକ୍ତ ପଦକ୍ଷେପ ନିଆଯିବ ବୋଲି ଅଧିକାରୀମାନେ କହିଛନ୍ତି। ଏ ସମ୍ପର୍କରେ ବିସ୍ତୃତ ରିପୋର୍ଟ ଆସିବା ବାକି ରହିଛି।
ପ୍ରଧାନମନ୍ତ୍ରୀ ନରେନ୍ଦ୍ର ମୋଦୀ ସୁନିତାଙ୍କ ସାହସର ପ୍ରଶଂସା କରି ସ୍ୱାଗତ ବାର୍ତ୍ତା ଦେଇଛନ୍ତି। ପୂର୍ବରୁ ସେ ଦୁଇ ଥର ଭାରତ ଗସ୍ତରେ ଆସିଥିଲେ। ଏହି ଘଟଣା ପରେ ବିଭିନ୍ନ ମହଲରେ ତୀବ୍ର ପ୍ରତିକ୍ରିୟା ପ୍ରକାଶ ପାଇଛି। ସରକାରୀ ସୂତ୍ର ଅନୁସାରେ ପରିସ୍ଥିତି ଉପରେ ନିରନ୍ତର ନଜର ରଖାଯାଇଛି। ଆବଶ୍ୟକ ସ୍ଥଳେ ଅତିରିକ୍ତ ପଦକ୍ଷେପ ନିଆଯିବ ବୋଲି ଅଧିକାରୀମାନେ କହିଛନ୍ତି। ଏ ସମ୍ପର୍କରେ ବିସ୍ତୃତ ରିପୋର୍ଟ ଆସିବା ବାକି ରହିଛି।
ଉଦ୍ଧାର ଜାହାଜ କ୍ୟାପସୁଲକୁ ସମୁଦ୍ରରୁ ଉଠାଇଥିଲା। ହସହସ ମୁହଁରେ ବାହାରି ହାତ ହଲାଇଥିଲେ ସୁନିତା। ଅପରପକ୍ଷେ ବିରୋଧୀ ଦଳ ଏହି ପ୍ରସଙ୍ଗରେ ସରକାରଙ୍କୁ ଘେରିବାକୁ ପ୍ରସ୍ତୁତ ହେଉଛନ୍ତି। ଆଗାମୀ ଦିନରେ ଏ ନେଇ ଅଧିକ ରାଜନୈତିକ ତରଜା ଦେଖିବାକୁ ମିଳିପାରେ। ସଂଶ୍ଲିଷ୍ଟ ବିଭାଗ ପକ୍ଷରୁ ତଦାରଖ ଜାରି ରହିଛି। ବିଶେଷଜ୍ଞମାନଙ୍କ ମତରେ ଆଗାମୀ ଦିନରେ ଏହାର ପ୍ରଭାବ ସ୍ପଷ୍ଟ ଭାବେ ଦେଖିବାକୁ ମିଳିବ। ସମ୍ପୃକ୍ତ ପକ୍ଷଙ୍କ ସହ ଆଲୋଚନା ଜାରି ରହିଛି। ଏହି ପ୍ରସଙ୍ଗ ସାଧାରଣରେ ବ୍ୟାପକ ଚର୍ଚ୍ଚାର ବିଷୟ ପାଲଟିଛି ବୋଲି କୁହାଯାଉଛି।
ସାମାନ୍ୟ ହେବାକୁ କେତେ ସମୟ ଲାଗିବ
ଡାକ୍ତରଙ୍କ ମତରେ ଦୀର୍ଘ ଦିନ ଶୂନ୍ୟ ମାଧ୍ୟାକର୍ଷଣରେ ରହିବା ପରେ ଶରୀର ସ୍ୱାଭାବିକ ହେବାକୁ ଛଅ ସପ୍ତାହରୁ ଅଧିକ ସମୟ ଲାଗିପାରେ। ହାଡ଼ର ଘନତା ଓ ମାଂସପେଶୀ ଶକ୍ତି ଫେରାଇବାକୁ ନିୟମିତ ବ୍ୟାୟାମ ଓ ଫିଜିଓଥେରାପି କରାଯିବ। ବିଶେଷଜ୍ଞମାନଙ୍କ ମତରେ ଆଗାମୀ ଦିନରେ ଏହାର ପ୍ରଭାବ ସ୍ପଷ୍ଟ ଭାବେ ଦେଖିବାକୁ ମିଳିବ। ସମ୍ପୃକ୍ତ ପକ୍ଷଙ୍କ ସହ ଆଲୋଚନା ଜାରି ରହିଛି। ଏହି ପ୍ରସଙ୍ଗ ସାଧାରଣରେ ବ୍ୟାପକ ଚର୍ଚ୍ଚାର ବିଷୟ ପାଲଟିଛି ବୋଲି କୁହାଯାଉଛି। ଏହି ଘଟଣା ପରେ ବିଭିନ୍ନ ମହଲରେ ତୀବ୍ର ପ୍ରତିକ୍ରିୟା ପ୍ରକାଶ ପାଇଛି। ସରକାରୀ ସୂତ୍ର ଅନୁସାରେ ପରିସ୍ଥିତି ଉପରେ ନିରନ୍ତର ନଜର ରଖାଯାଇଛି। ଆବଶ୍ୟକ ସ୍ଥଳେ ଅତିରିକ୍ତ ପଦକ୍ଷେପ ନିଆଯିବ ବୋଲି ଅଧିକାରୀମାନେ କହିଛନ୍ତି। ଏ ସମ୍ପର୍କରେ ବିସ୍ତୃତ ରିପୋର୍ଟ ଆସିବା ବାକି ରହିଛି।
ନଭଶ୍ଚରମାନଙ୍କୁ ହ୍ୟୁଷ୍ଟନର ଜନସନ ସ୍ପେସ ସେଣ୍ଟରକୁ ନିଆଯାଇଛି। ସେଠାରେ ସ୍ୱାସ୍ଥ୍ୟ ପରୀକ୍ଷା ଚାଲିଛି। ସମସ୍ତ ନଭଶ୍ଚର ସୁସ୍ଥ ଅଛନ୍ତି ବୋଲି ନାସା କହିଛି। ଅପରପକ୍ଷେ ବିରୋଧୀ ଦଳ ଏହି ପ୍ରସଙ୍ଗରେ ସରକାରଙ୍କୁ ଘେରିବାକୁ ପ୍ରସ୍ତୁତ ହେଉଛନ୍ତି। ଆଗାମୀ ଦିନରେ ଏ ନେଇ ଅଧିକ ରାଜନୈତିକ ତରଜା ଦେଖିବାକୁ ମିଳିପାରେ। ସଂଶ୍ଲିଷ୍ଟ ବିଭାଗ ପକ୍ଷରୁ ତଦାରଖ ଜାରି ରହିଛି। ଏହି ଘଟଣା ପରେ ବିଭିନ୍ନ ମହଲରେ ତୀବ୍ର ପ୍ରତିକ୍ରିୟା ପ୍ରକାଶ ପାଇଛି। ସରକାରୀ ସୂତ୍ର ଅନୁସାରେ ପରିସ୍ଥିତି ଉପରେ ନିରନ୍ତର ନଜର ରଖାଯାଇଛି। ଆବଶ୍ୟକ ସ୍ଥଳେ ଅତିରିକ୍ତ ପଦକ୍ଷେପ ନିଆଯିବ ବୋଲି ଅଧିକାରୀମାନେ କହିଛନ୍ତି। ଏ ସମ୍ପର୍କରେ ବିସ୍ତୃତ ରିପୋର୍ଟ ଆସିବା ବାକି ରହିଛି।
